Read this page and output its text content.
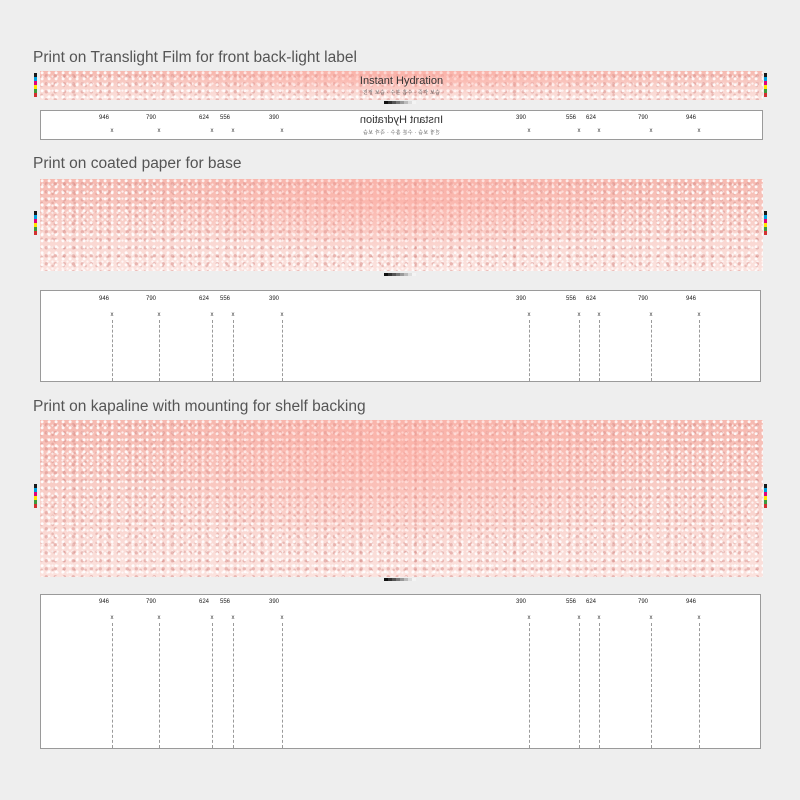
Print on Translight Film for front back-light label
Instant Hydration
진정 보습 · 수분 흡수 · 즉각 보습
Instant Hydration
진정 보습 · 수분 흡수 · 즉각 보습
946
x
790
x
624
x
556
x
390
x
390
x
556
x
624
x
790
x
946
x
Print on coated paper for base
946
x
790
x
624
x
556
x
390
x
390
x
556
x
624
x
790
x
946
x
Print on kapaline with mounting for shelf backing
946
x
790
x
624
x
556
x
390
x
390
x
556
x
624
x
790
x
946
x
